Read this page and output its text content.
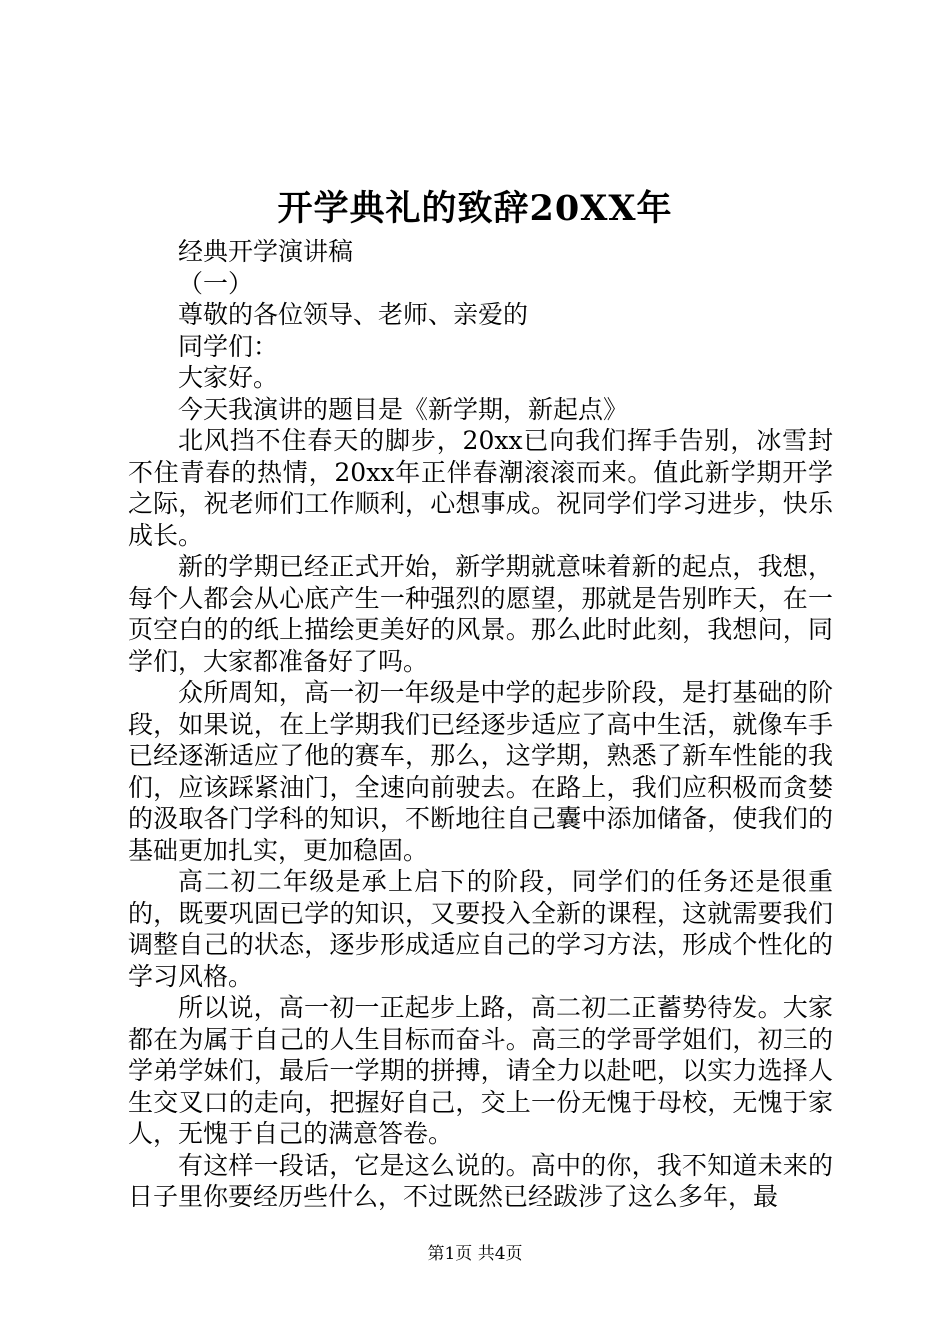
开学典礼的致辞20XX年

经典开学演讲稿

（一）

尊敬的各位领导、老师、亲爱的

同学们：

大家好。

今天我演讲的题目是《新学期，新起点》

北风挡不住春天的脚步，20xx已向我们挥手告别，冰雪封不住青春的热情，20xx年正伴春潮滚滚而来。值此新学期开学之际，祝老师们工作顺利，心想事成。祝同学们学习进步，快乐成长。

新的学期已经正式开始，新学期就意味着新的起点，我想，每个人都会从心底产生一种强烈的愿望，那就是告别昨天，在一页空白的的纸上描绘更美好的风景。那么此时此刻，我想问，同学们，大家都准备好了吗。

众所周知，高一初一年级是中学的起步阶段，是打基础的阶段，如果说，在上学期我们已经逐步适应了高中生活，就像车手已经逐渐适应了他的赛车，那么，这学期，熟悉了新车性能的我们，应该踩紧油门，全速向前驶去。在路上，我们应积极而贪婪的汲取各门学科的知识，不断地往自己囊中添加储备，使我们的基础更加扎实，更加稳固。

高二初二年级是承上启下的阶段，同学们的任务还是很重的，既要巩固已学的知识，又要投入全新的课程，这就需要我们调整自己的状态，逐步形成适应自己的学习方法，形成个性化的学习风格。

所以说，高一初一正起步上路，高二初二正蓄势待发。大家都在为属于自己的人生目标而奋斗。高三的学哥学姐们，初三的学弟学妹们，最后一学期的拼搏，请全力以赴吧，以实力选择人生交叉口的走向，把握好自己，交上一份无愧于母校，无愧于家人，无愧于自己的满意答卷。

有这样一段话，它是这么说的。高中的你，我不知道未来的日子里你要经历些什么，不过既然已经跋涉了这么多年，最

第1页 共4页
